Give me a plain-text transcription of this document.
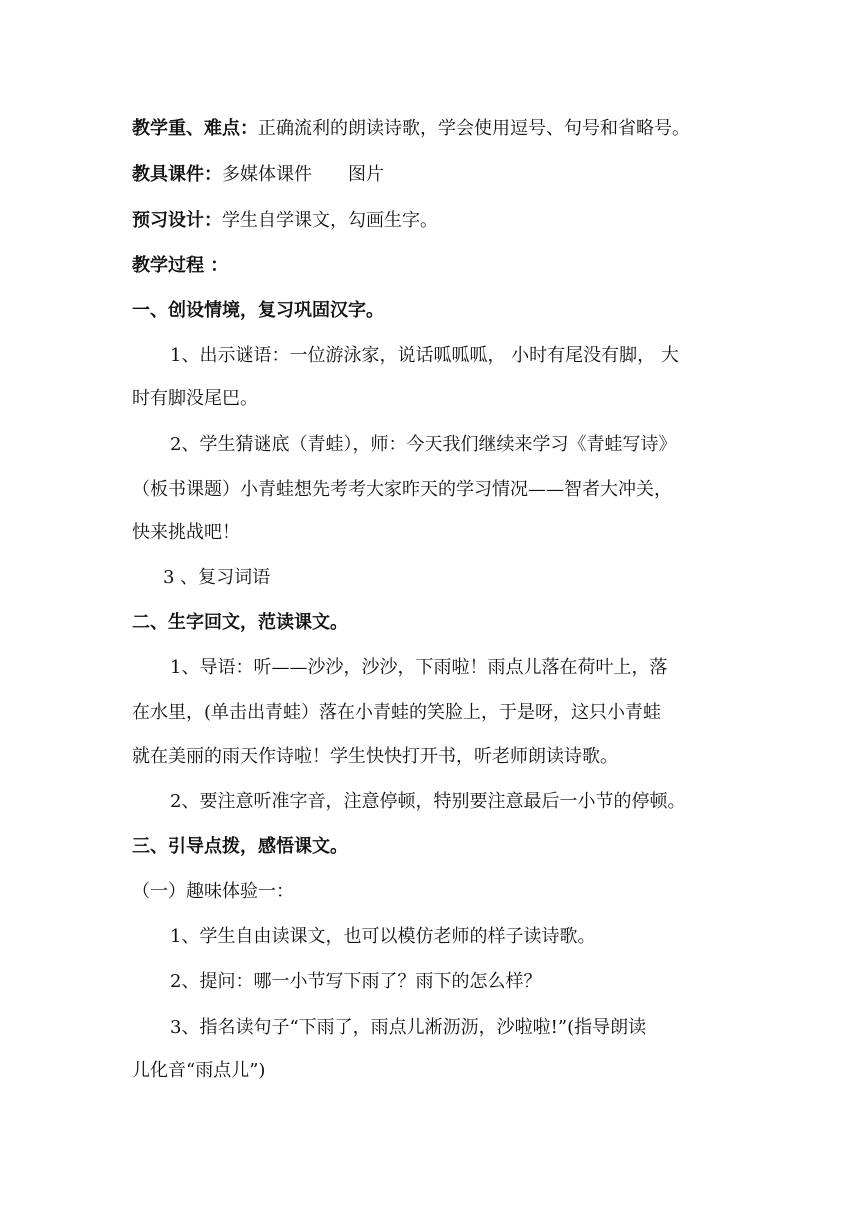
教学重、难点：正确流利的朗读诗歌，学会使用逗号、句号和省略号。
教具课件：多媒体课件　　图片
预习设计：学生自学课文，勾画生字。
教学过程 ：
一、创设情境，复习巩固汉字。
1、出示谜语：一位游泳家，说话呱呱呱， 小时有尾没有脚， 大
时有脚没尾巴。
2、学生猜谜底（青蛙），师：今天我们继续来学习《青蛙写诗》
（板书课题）小青蛙想先考考大家昨天的学习情况——智者大冲关，
快来挑战吧！
3 、复习词语
二、生字回文，范读课文。
1、导语：听——沙沙，沙沙，下雨啦！雨点儿落在荷叶上，落
在水里，(单击出青蛙）落在小青蛙的笑脸上，于是呀，这只小青蛙
就在美丽的雨天作诗啦！学生快快打开书，听老师朗读诗歌。
2、要注意听准字音，注意停顿，特别要注意最后一小节的停顿。
三、引导点拨，感悟课文。
（一）趣味体验一：
1、学生自由读课文，也可以模仿老师的样子读诗歌。
2、提问：哪一小节写下雨了？雨下的怎么样？
3、指名读句子“下雨了，雨点儿淅沥沥，沙啦啦!”(指导朗读
儿化音“雨点儿”)
